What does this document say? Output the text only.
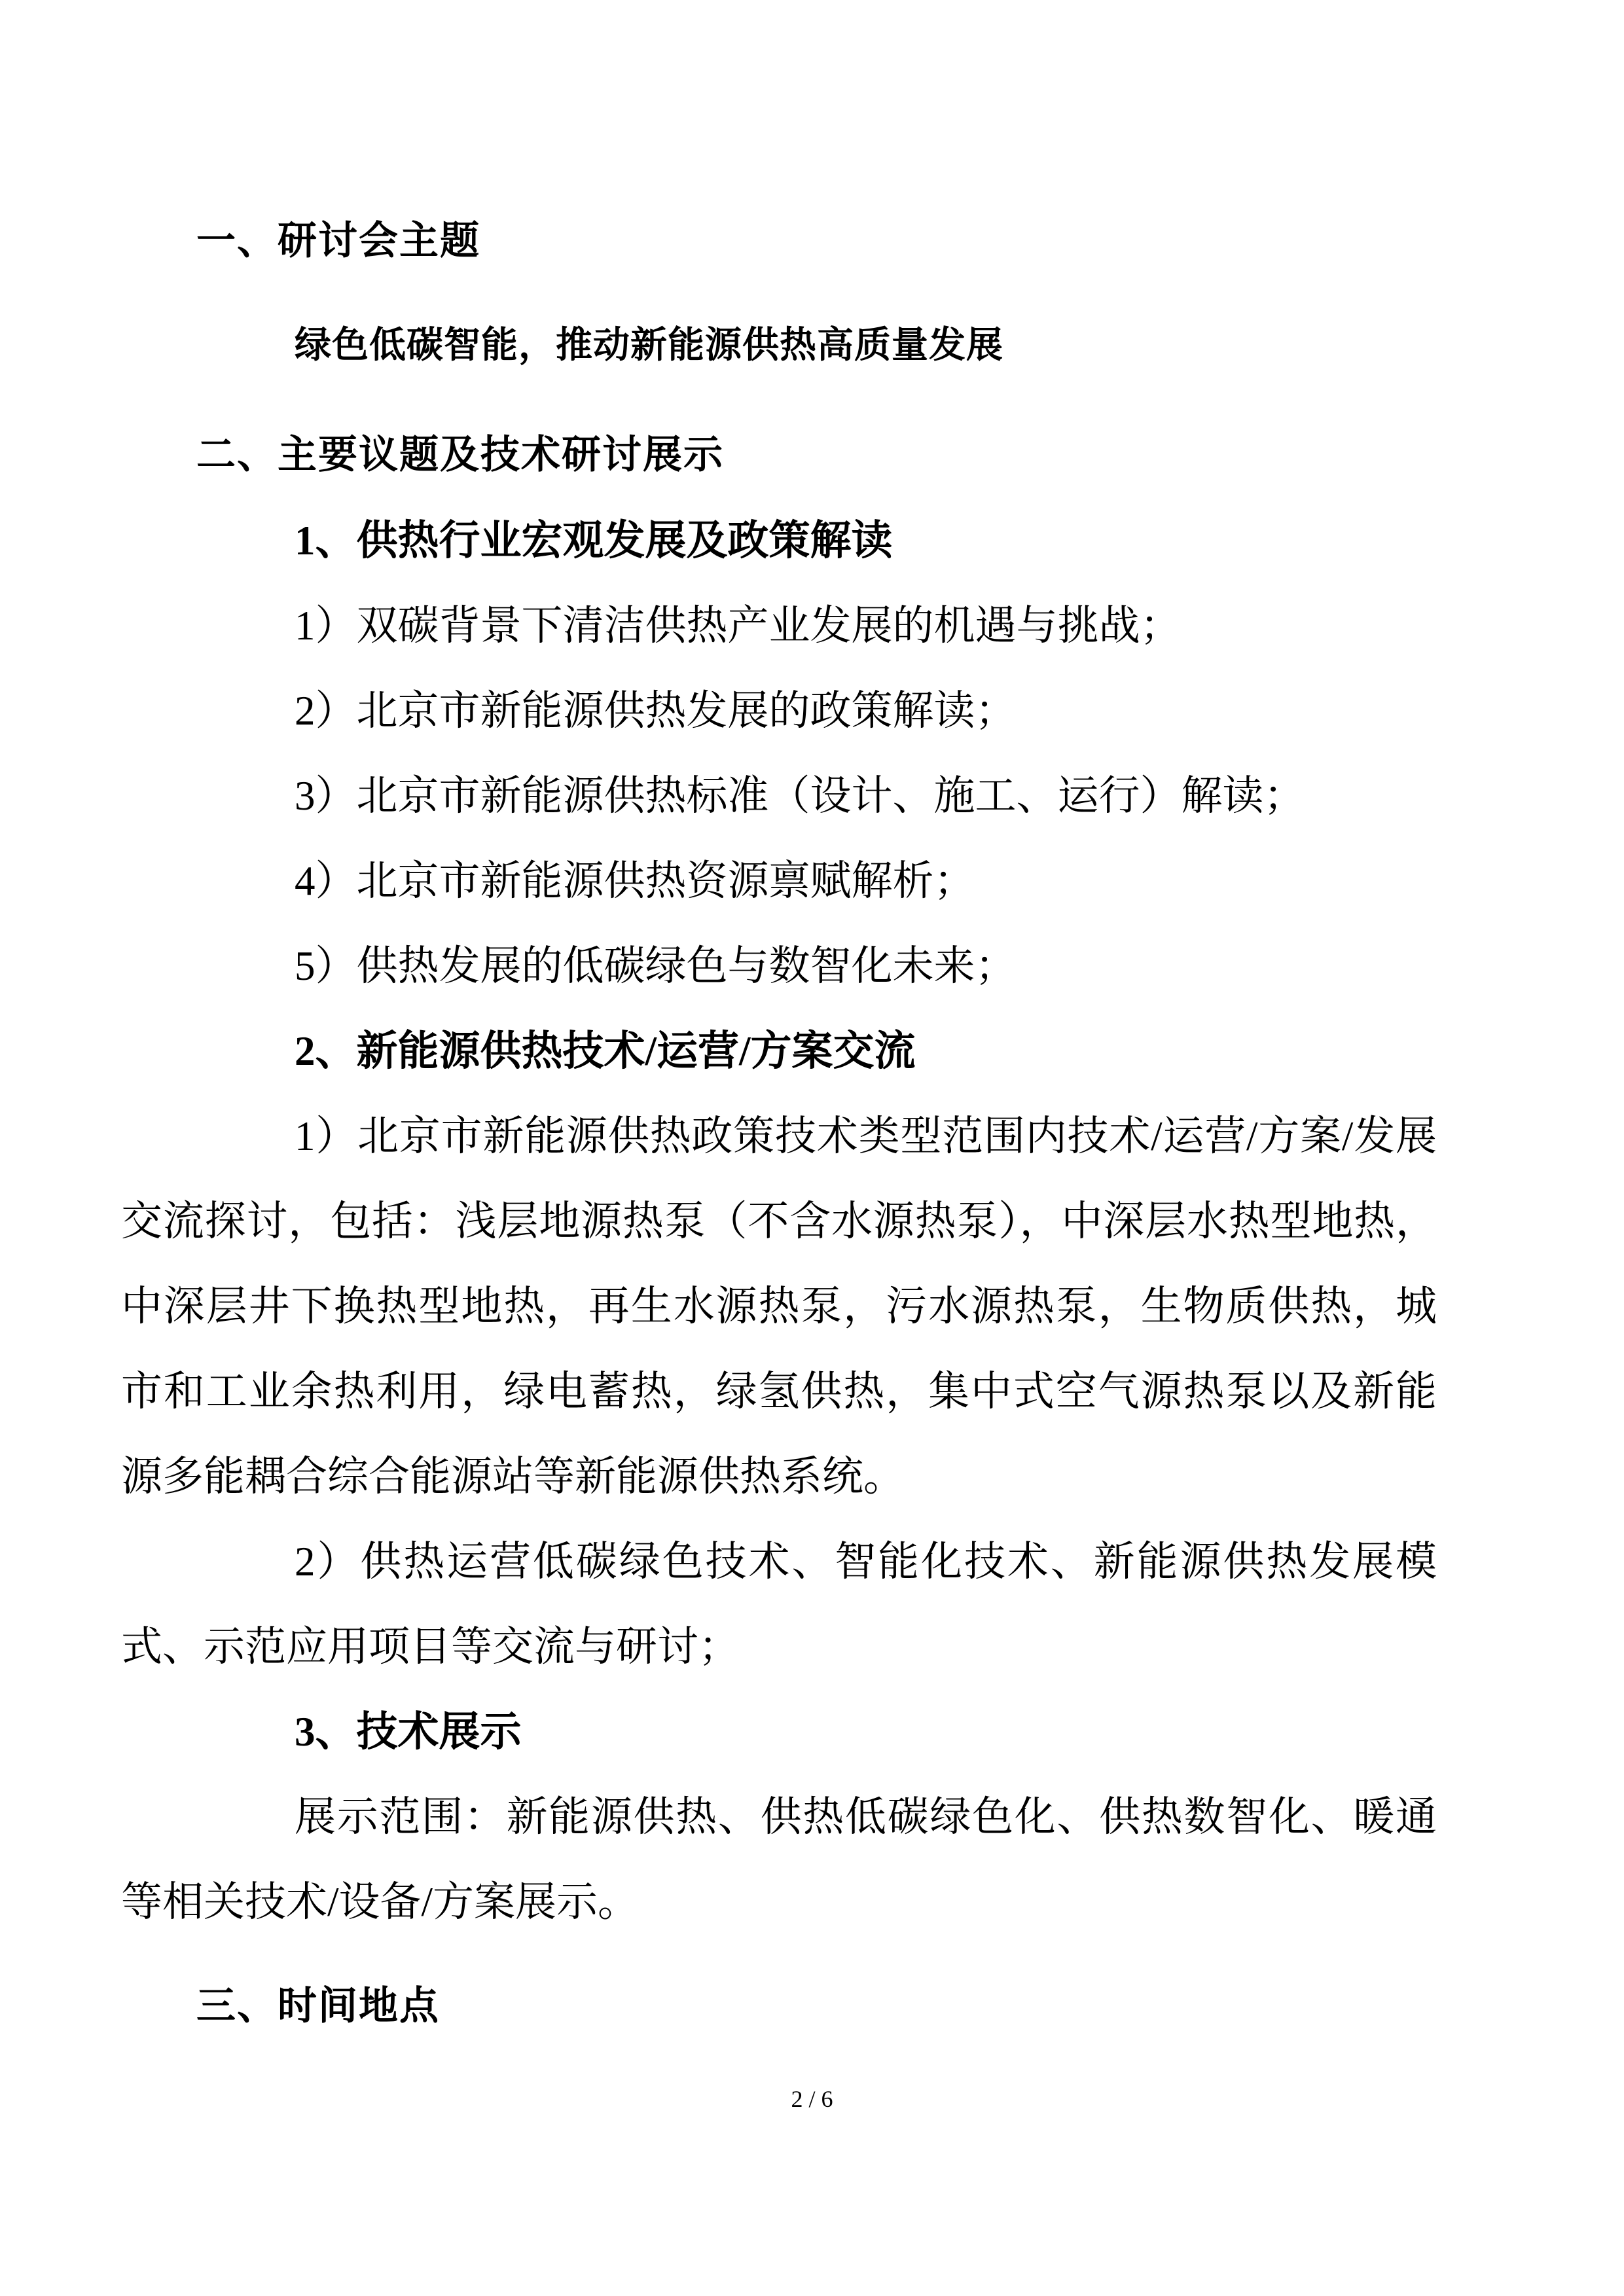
一、研讨会主题

绿色低碳智能，推动新能源供热高质量发展

二、主要议题及技术研讨展示

1、供热行业宏观发展及政策解读

1）双碳背景下清洁供热产业发展的机遇与挑战；

2）北京市新能源供热发展的政策解读；

3）北京市新能源供热标准（设计、施工、运行）解读；

4）北京市新能源供热资源禀赋解析；

5）供热发展的低碳绿色与数智化未来；

2、新能源供热技术/运营/方案交流

1）北京市新能源供热政策技术类型范围内技术/运营/方案/发展交流探讨，包括：浅层地源热泵（不含水源热泵），中深层水热型地热，中深层井下换热型地热，再生水源热泵，污水源热泵，生物质供热，城市和工业余热利用，绿电蓄热，绿氢供热，集中式空气源热泵以及新能源多能耦合综合能源站等新能源供热系统。

2）供热运营低碳绿色技术、智能化技术、新能源供热发展模式、示范应用项目等交流与研讨；

3、技术展示

展示范围：新能源供热、供热低碳绿色化、供热数智化、暖通等相关技术/设备/方案展示。

三、时间地点
2 / 6
